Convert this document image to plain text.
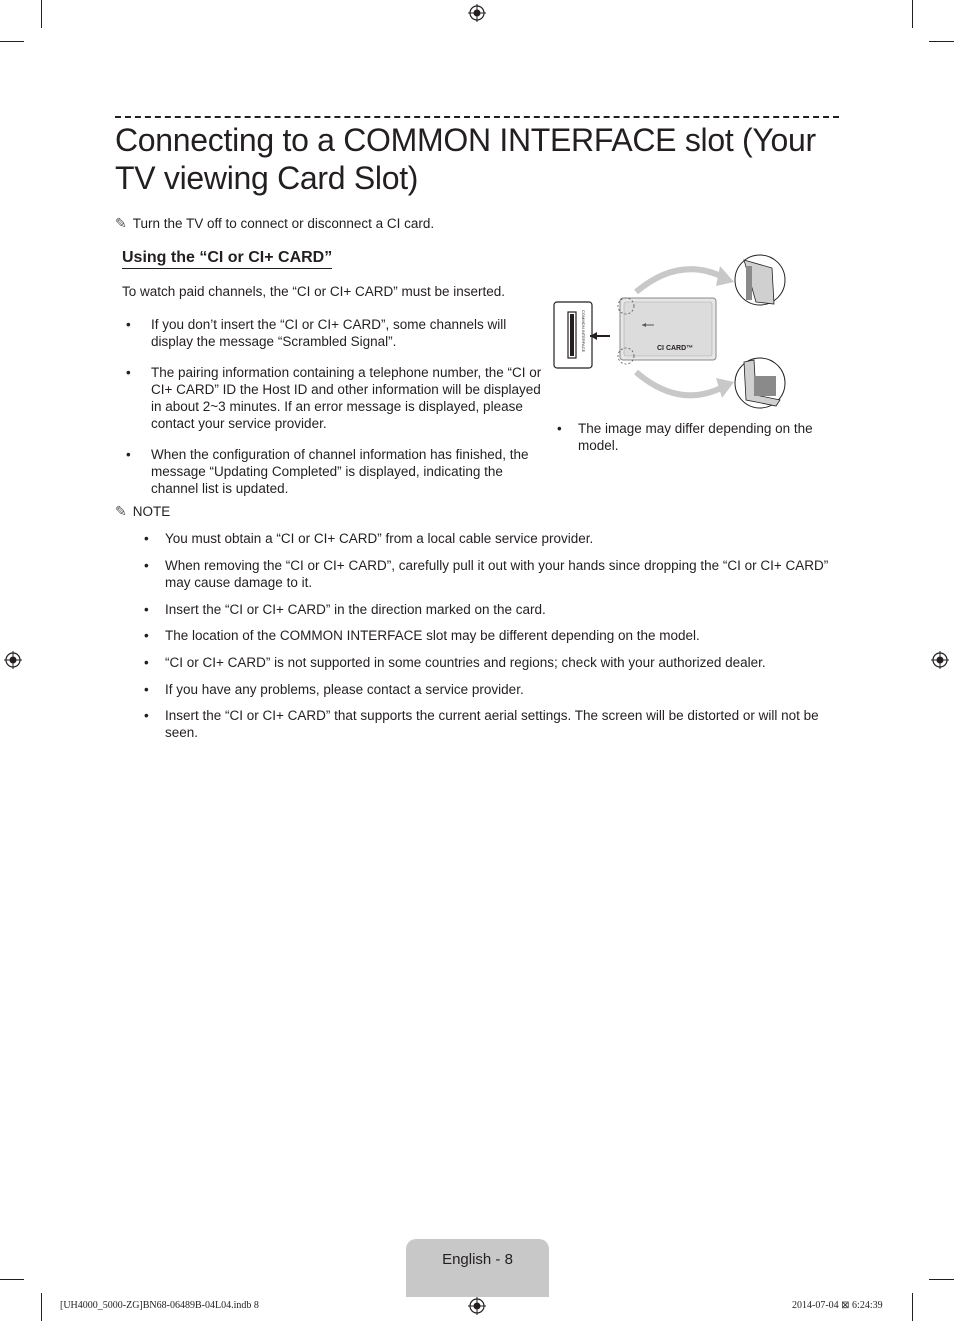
Connecting to a COMMON INTERFACE slot (Your TV viewing Card Slot)
✎ Turn the TV off to connect or disconnect a CI card.
Using the “CI or CI+ CARD”
To watch paid channels, the “CI or CI+ CARD” must be inserted.
• If you don’t insert the “CI or CI+ CARD”, some channels will display the message “Scrambled Signal”.
• The pairing information containing a telephone number, the “CI or CI+ CARD” ID the Host ID and other information will be displayed in about 2~3 minutes. If an error message is displayed, please contact your service provider.
• When the configuration of channel information has finished, the message “Updating Completed” is displayed, indicating the channel list is updated.
COMMON INTERFACE	CI CARD™
• The image may differ depending on the model.
✎ NOTE
• You must obtain a “CI or CI+ CARD” from a local cable service provider.
• When removing the “CI or CI+ CARD”, carefully pull it out with your hands since dropping the “CI or CI+ CARD” may cause damage to it.
• Insert the “CI or CI+ CARD” in the direction marked on the card.
• The location of the COMMON INTERFACE slot may be different depending on the model.
• “CI or CI+ CARD” is not supported in some countries and regions; check with your authorized dealer.
• If you have any problems, please contact a service provider.
• Insert the “CI or CI+ CARD” that supports the current aerial settings. The screen will be distorted or will not be seen.
English - 8
[UH4000_5000-ZG]BN68-06489B-04L04.indb 8	2014-07-04 ⊠ 6:24:39
